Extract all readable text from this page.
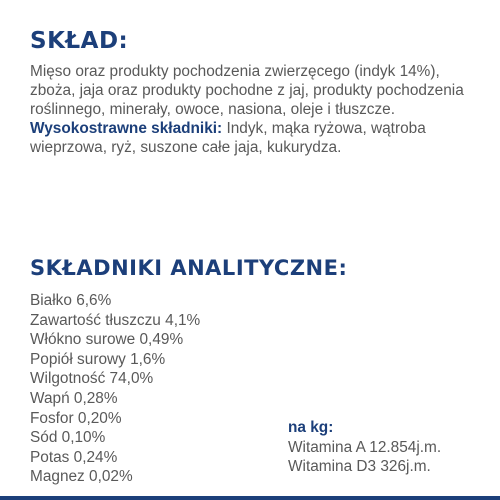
SKŁAD:

Mięso oraz produkty pochodzenia zwierzęcego (indyk 14%), zboża, jaja oraz produkty pochodne z jaj, produkty pochodzenia roślinnego, minerały, owoce, nasiona, oleje i tłuszcze.

Wysokostrawne składniki: Indyk, mąka ryżowa, wątroba wieprzowa, ryż, suszone całe jaja, kukurydza.

SKŁADNIKI ANALITYCZNE:
Białko 6,6%
Zawartość tłuszczu 4,1%
Włókno surowe 0,49%
Popiół surowy 1,6%
Wilgotność 74,0%
Wapń 0,28%
Fosfor 0,20%
Sód 0,10%
Potas 0,24%
Magnez 0,02%
na kg:
Witamina A 12.854j.m.
Witamina D3 326j.m.
